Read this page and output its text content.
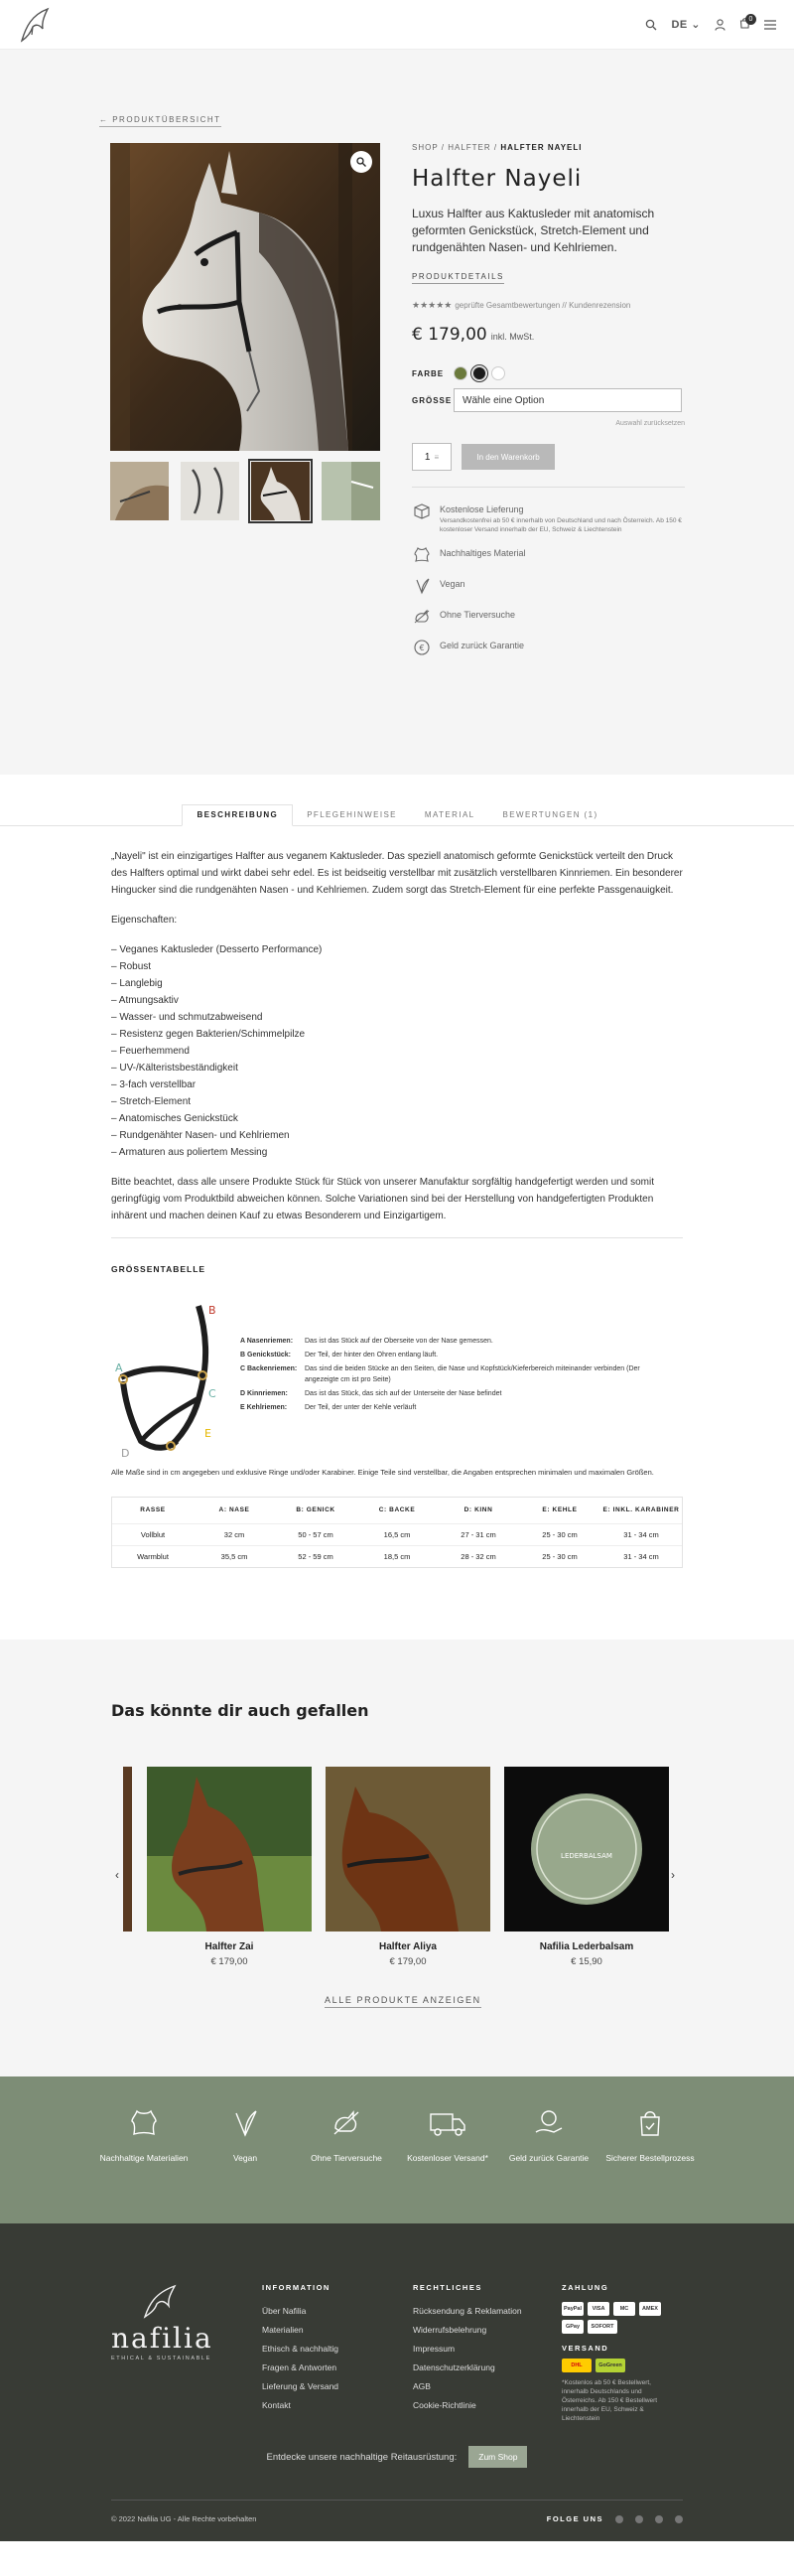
DE ⌄	0
← PRODUKTÜBERSICHT
SHOP / HALFTER / HALFTER NAYELI
Halfter Nayeli

Luxus Halfter aus Kaktusleder mit anatomisch geformten Genickstück, Stretch-Element und rundgenähten Nasen- und Kehlriemen.

PRODUKTDETAILS
★★★★★ geprüfte Gesamtbewertungen // Kundenrezension
€ 179,00 inkl. MwSt.
FARBE
GRÖSSE Wähle eine Option
Auswahl zurücksetzen
1 ≡	In den Warenkorb
Kostenlose Lieferung
Versandkostenfrei ab 50 € innerhalb von Deutschland und nach Österreich. Ab 150 € kostenloser Versand innerhalb der EU, Schweiz & Liechtenstein
Nachhaltiges Material
Vegan
Ohne Tierversuche
€ Geld zurück Garantie
BESCHREIBUNG	PFLEGEHINWEISE	MATERIAL	BEWERTUNGEN (1)

„Nayeli" ist ein einzigartiges Halfter aus veganem Kaktusleder. Das speziell anatomisch geformte Genickstück verteilt den Druck des Halfters optimal und wirkt dabei sehr edel. Es ist beidseitig verstellbar mit zusätzlich verstellbaren Kinnriemen. Ein besonderer Hingucker sind die rundgenähten Nasen - und Kehlriemen. Zudem sorgt das Stretch-Element für eine perfekte Passgenauigkeit.

Eigenschaften:

– Veganes Kaktusleder (Desserto Performance)
– Robust
– Langlebig
– Atmungsaktiv
– Wasser- und schmutzabweisend
– Resistenz gegen Bakterien/Schimmelpilze
– Feuerhemmend
– UV-/Kälteristsbeständigkeit
– 3-fach verstellbar
– Stretch-Element
– Anatomisches Genickstück
– Rundgenähter Nasen- und Kehlriemen
– Armaturen aus poliertem Messing

Bitte beachtet, dass alle unsere Produkte Stück für Stück von unserer Manufaktur sorgfältig handgefertigt werden und somit geringfügig vom Produktbild abweichen können. Solche Variationen sind bei der Herstellung von handgefertigten Produkten inhärent und machen deinen Kauf zu etwas Besonderem und Einzigartigem.

GRÖSSENTABELLE
A
B
C
D
E
A Nasenriemen:	Das ist das Stück auf der Oberseite von der Nase gemessen.
B Genickstück:	Der Teil, der hinter den Ohren entlang läuft.
C Backenriemen:	Das sind die beiden Stücke an den Seiten, die Nase und Kopfstück/Kieferbereich miteinander verbinden (Der angezeigte cm ist pro Seite)
D Kinnriemen:	Das ist das Stück, das sich auf der Unterseite der Nase befindet
E Kehlriemen:	Der Teil, der unter der Kehle verläuft
Alle Maße sind in cm angegeben und exklusive Ringe und/oder Karabiner. Einige Teile sind verstellbar, die Angaben entsprechen minimalen und maximalen Größen.
RASSE	A: NASE	B: GENICK	C: BACKE	D: KINN	E: KEHLE	E: INKL. KARABINER
Vollblut	32 cm	50 - 57 cm	16,5 cm	27 - 31 cm	25 - 30 cm	31 - 34 cm
Warmblut	35,5 cm	52 - 59 cm	18,5 cm	28 - 32 cm	25 - 30 cm	31 - 34 cm
Das könnte dir auch gefallen
‹
Halfter Zai
€ 179,00
Halfter Aliya
€ 179,00
LEDERBALSAM
Nafilia Lederbalsam
€ 15,90
›
ALLE PRODUKTE ANZEIGEN
Nachhaltige Materialien	Vegan	Ohne Tierversuche	Kostenloser Versand*	Geld zurück Garantie	Sicherer Bestellprozess
nafilia
ETHICAL & SUSTAINABLE
INFORMATION
Über Nafilia
Materialien
Ethisch & nachhaltig
Fragen & Antworten
Lieferung & Versand
Kontakt
RECHTLICHES
Rücksendung & Reklamation
Widerrufsbelehrung
Impressum
Datenschutzerklärung
AGB
Cookie-Richtlinie
ZAHLUNG
PayPal	VISA	MC	AMEX
GPay	SOFORT
VERSAND
DHL	GoGreen
*Kostenlos ab 50 € Bestellwert, innerhalb Deutschlands und Österreichs. Ab 150 € Bestellwert innerhalb der EU, Schweiz & Liechtenstein
Entdecke unsere nachhaltige Reitausrüstung:	Zum Shop
© 2022 Nafilia UG - Alle Rechte vorbehalten	FOLGE UNS
